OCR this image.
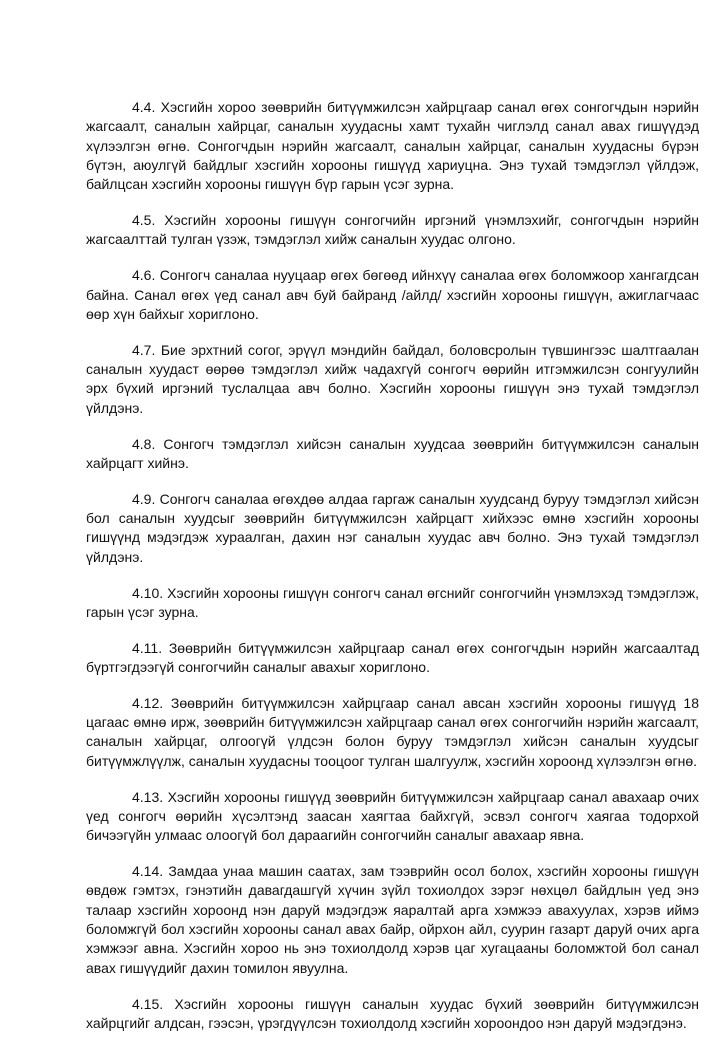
4.4. Хэсгийн хороо зөөврийн битүүмжилсэн хайрцгаар санал өгөх сонгогчдын нэрийн жагсаалт, саналын хайрцаг, саналын хуудасны хамт тухайн чиглэлд санал авах гишүүдэд хүлээлгэн өгнө. Сонгогчдын нэрийн жагсаалт, саналын хайрцаг, саналын хуудасны бүрэн бүтэн, аюулгүй байдлыг хэсгийн хорооны гишүүд хариуцна. Энэ тухай тэмдэглэл үйлдэж, байлцсан хэсгийн хорооны гишүүн бүр гарын үсэг зурна.

4.5. Хэсгийн хорооны гишүүн сонгогчийн иргэний үнэмлэхийг, сонгогчдын нэрийн жагсаалттай тулган үзэж, тэмдэглэл хийж саналын хуудас олгоно.

4.6. Сонгогч саналаа нууцаар өгөх бөгөөд ийнхүү саналаа өгөх боломжоор хангагдсан байна. Санал өгөх үед санал авч буй байранд /айлд/ хэсгийн хорооны гишүүн, ажиглагчаас өөр хүн байхыг хориглоно.

4.7. Бие эрхтний согог, эрүүл мэндийн байдал, боловсролын түвшингээс шалтгаалан саналын хуудаст өөрөө тэмдэглэл хийж чадахгүй сонгогч өөрийн итгэмжилсэн сонгуулийн эрх бүхий иргэний туслалцаа авч болно. Хэсгийн хорооны гишүүн энэ тухай тэмдэглэл үйлдэнэ.

4.8. Сонгогч тэмдэглэл хийсэн саналын хуудсаа зөөврийн битүүмжилсэн саналын хайрцагт хийнэ.

4.9. Сонгогч саналаа өгөхдөө алдаа гаргаж саналын хуудсанд буруу тэмдэглэл хийсэн бол саналын хуудсыг зөөврийн битүүмжилсэн хайрцагт хийхээс өмнө хэсгийн хорооны гишүүнд мэдэгдэж хураалган, дахин нэг саналын хуудас авч болно. Энэ тухай тэмдэглэл үйлдэнэ.

4.10. Хэсгийн хорооны гишүүн сонгогч санал өгснийг сонгогчийн үнэмлэхэд тэмдэглэж, гарын үсэг зурна.

4.11. Зөөврийн битүүмжилсэн хайрцгаар санал өгөх сонгогчдын нэрийн жагсаалтад бүртгэгдээгүй сонгогчийн саналыг авахыг хориглоно.

4.12. Зөөврийн битүүмжилсэн хайрцгаар санал авсан хэсгийн хорооны гишүүд 18 цагаас өмнө ирж, зөөврийн битүүмжилсэн хайрцгаар санал өгөх сонгогчийн нэрийн жагсаалт, саналын хайрцаг, олгоогүй үлдсэн болон буруу тэмдэглэл хийсэн саналын хуудсыг битүүмжлүүлж, саналын хуудасны тооцоог тулган шалгуулж, хэсгийн хороонд хүлээлгэн өгнө.

4.13. Хэсгийн хорооны гишүүд зөөврийн битүүмжилсэн хайрцгаар санал авахаар очих үед сонгогч өөрийн хүсэлтэнд заасан хаягтаа байхгүй, эсвэл сонгогч хаягаа тодорхой бичээгүйн улмаас олоогүй бол дараагийн сонгогчийн саналыг авахаар явна.

4.14. Замдаа унаа машин саатах, зам тээврийн осол болох, хэсгийн хорооны гишүүн өвдөж гэмтэх, гэнэтийн давагдашгүй хүчин зүйл тохиолдох зэрэг нөхцөл байдлын үед энэ талаар хэсгийн хороонд нэн даруй мэдэгдэж яаралтай арга хэмжээ авахуулах, хэрэв иймэ боломжгүй бол хэсгийн хорооны санал авах байр, ойрхон айл, суурин газарт даруй очих арга хэмжээг авна. Хэсгийн хороо нь энэ тохиолдолд хэрэв цаг хугацааны боломжтой бол санал авах гишүүдийг дахин томилон явуулна.

4.15. Хэсгийн хорооны гишүүн саналын хуудас бүхий зөөврийн битүүмжилсэн хайрцгийг алдсан, гээсэн, үрэгдүүлсэн тохиолдолд хэсгийн хороондоо нэн даруй мэдэгдэнэ.
